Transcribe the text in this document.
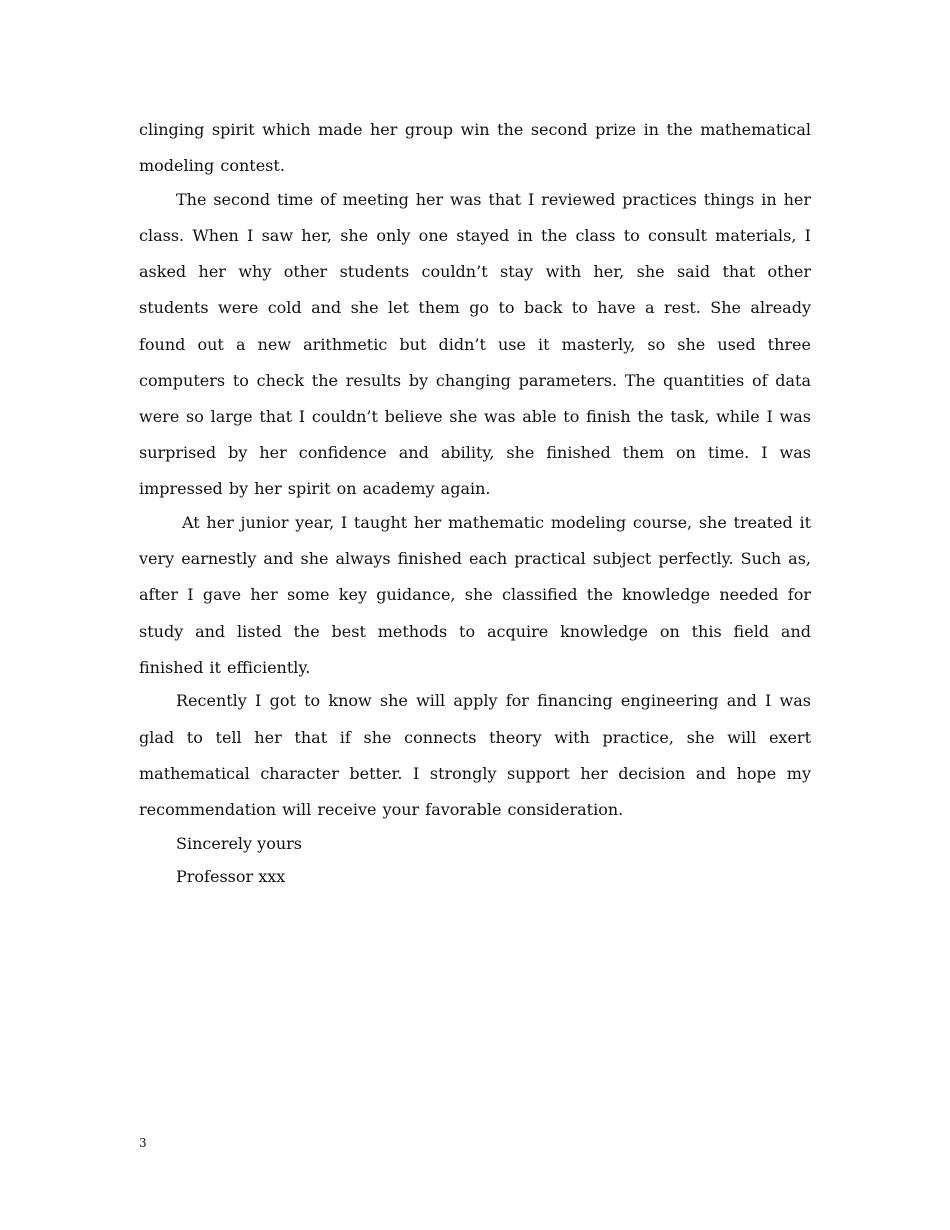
clinging spirit which made her group win the second prize in the mathematical modeling contest.

The second time of meeting her was that I reviewed practices things in her class. When I saw her, she only one stayed in the class to consult materials, I asked her why other students couldn’t stay with her, she said that other students were cold and she let them go to back to have a rest. She already found out a new arithmetic but didn’t use it masterly, so she used three computers to check the results by changing parameters. The quantities of data were so large that I couldn’t believe she was able to finish the task, while I was surprised by her confidence and ability, she finished them on time. I was impressed by her spirit on academy again.

At her junior year, I taught her mathematic modeling course, she treated it very earnestly and she always finished each practical subject perfectly. Such as, after I gave her some key guidance, she classified the knowledge needed for study and listed the best methods to acquire knowledge on this field and finished it efficiently.

Recently I got to know she will apply for financing engineering and I was glad to tell her that if she connects theory with practice, she will exert mathematical character better. I strongly support her decision and hope my recommendation will receive your favorable consideration.

Sincerely yours

Professor xxx

3
